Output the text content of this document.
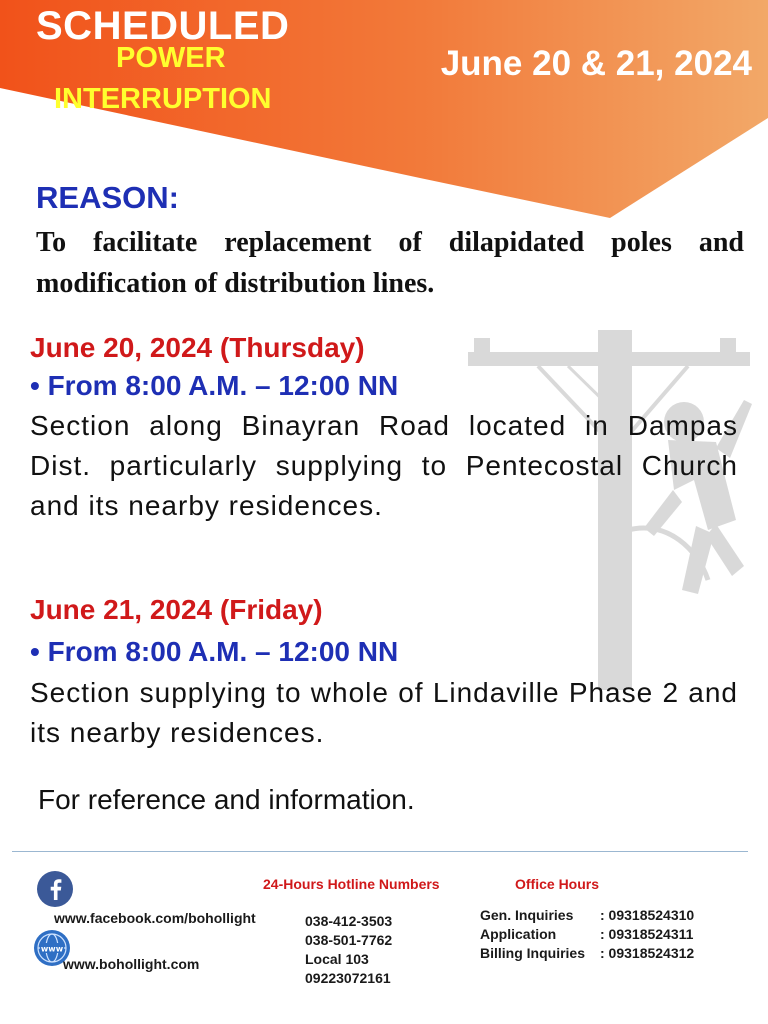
SCHEDULED
POWER
INTERRUPTION
June 20 & 21, 2024
REASON:

To facilitate replacement of dilapidated poles and modification of distribution lines.

June 20, 2024 (Thursday)
• From 8:00 A.M. – 12:00 NN

Section along Binayran Road located in Dampas Dist. particularly supplying to Pentecostal Church and its nearby residences.

June 21, 2024 (Friday)
• From 8:00 A.M. – 12:00 NN

Section supplying to whole of Lindaville Phase 2 and its nearby residences.

For reference and information.
www.facebook.com/bohollight
www
www.bohollight.com
24-Hours Hotline Numbers
038-412-3503
038-501-7762
Local 103
09223072161
Office Hours
Gen. Inquiries : 09318524310
Application	: 09318524311
Billing Inquiries : 09318524312
